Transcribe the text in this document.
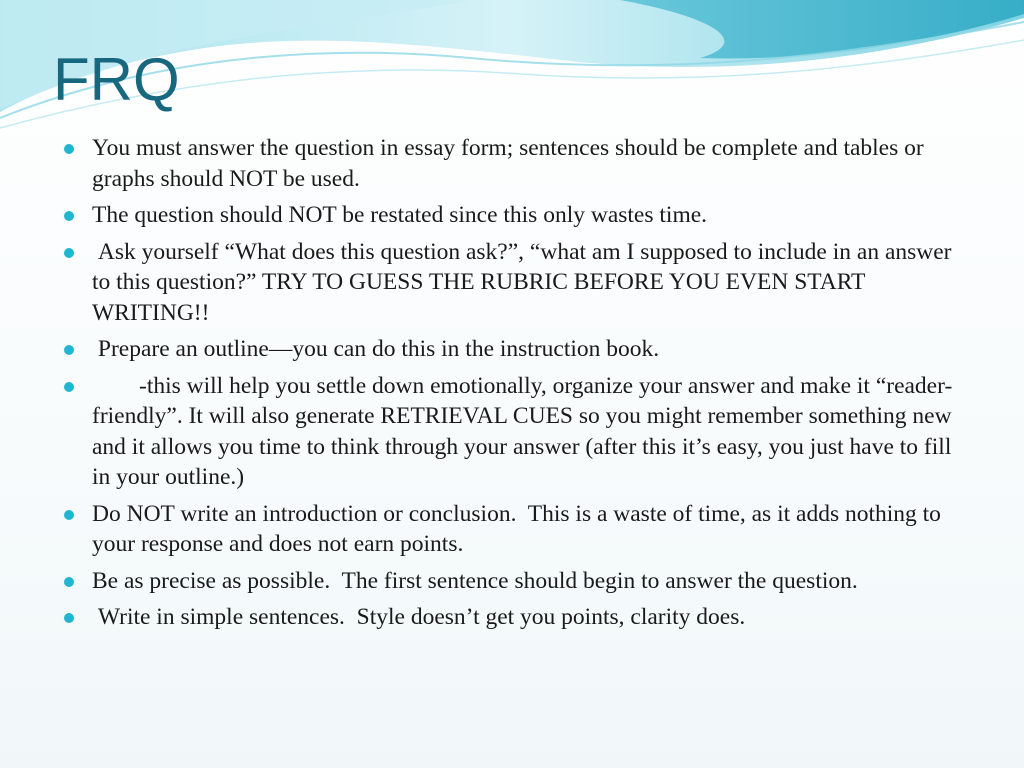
FRQ
You must answer the question in essay form; sentences should be complete and tables or graphs should NOT be used.
The question should NOT be restated since this only wastes time.
Ask yourself “What does this question ask?”, “what am I supposed to include in an answer to this question?” TRY TO GUESS THE RUBRIC BEFORE YOU EVEN START WRITING!!
Prepare an outline—you can do this in the instruction book.
	-this will help you settle down emotionally, organize your answer and make it “reader-friendly”. It will also generate RETRIEVAL CUES so you might remember something new and it allows you time to think through your answer (after this it’s easy, you just have to fill in your outline.)
Do NOT write an introduction or conclusion.  This is a waste of time, as it adds nothing to your response and does not earn points.
Be as precise as possible.  The first sentence should begin to answer the question.
Write in simple sentences.  Style doesn’t get you points, clarity does.
